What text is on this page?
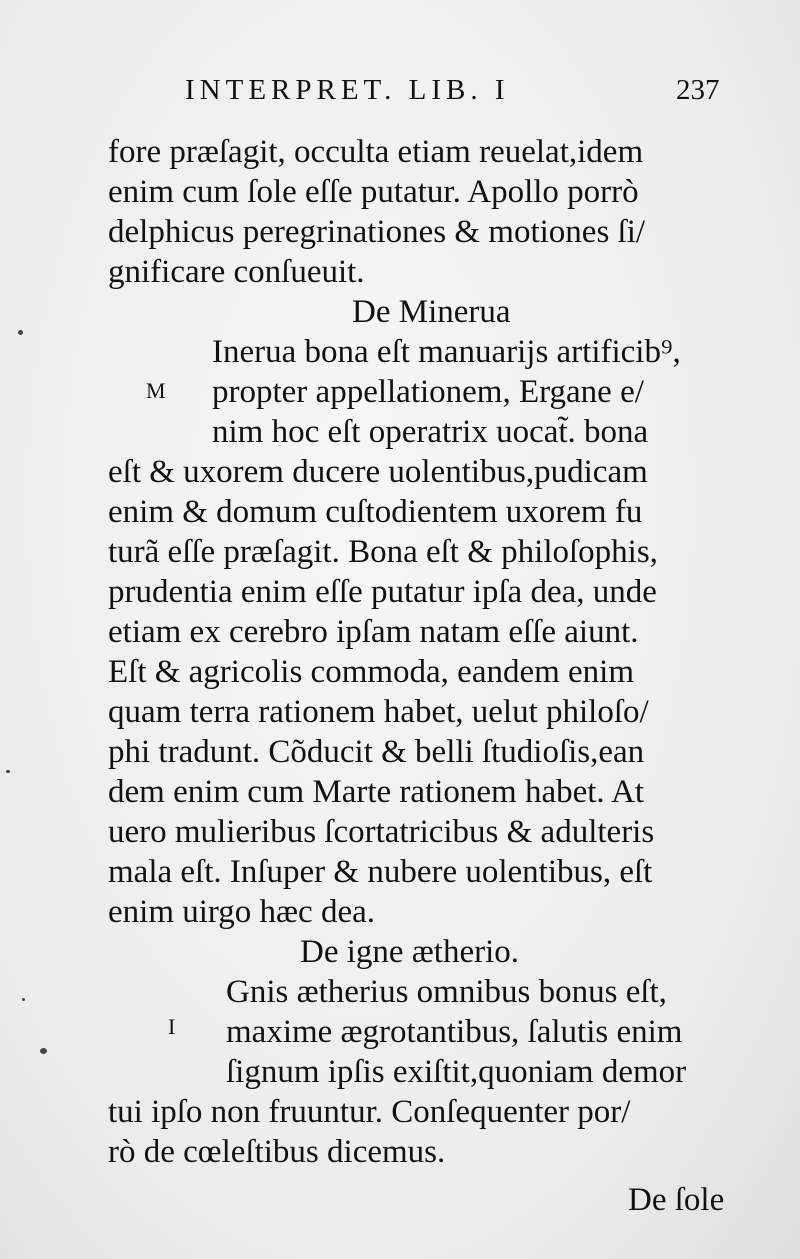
INTERPRET. LIB. I	237
fore præſagit, occulta etiam reuelat,idem
enim cum ſole eſſe putatur. Apollo porrò
delphicus peregrinationes & motiones ſi/
gnificare conſueuit.
De Minerua
M
Inerua bona eſt manuarijs artificib⁹,
propter appellationem, Ergane e/
nim hoc eſt operatrix uocat̃. bona
eſt & uxorem ducere uolentibus,pudicam
enim & domum cuſtodientem uxorem fu
turã eſſe præſagit. Bona eſt & philoſophis,
prudentia enim eſſe putatur ipſa dea, unde
etiam ex cerebro ipſam natam eſſe aiunt.
Eſt & agricolis commoda, eandem enim
quam terra rationem habet, uelut philoſo/
phi tradunt. Cõducit & belli ſtudioſis,ean
dem enim cum Marte rationem habet. At
uero mulieribus ſcortatricibus & adulteris
mala eſt. Inſuper & nubere uolentibus, eſt
enim uirgo hæc dea.
De igne ætherio.
I
Gnis ætherius omnibus bonus eſt,
maxime ægrotantibus, ſalutis enim
ſignum ipſis exiſtit,quoniam demor
tui ipſo non fruuntur. Conſequenter por/
rò de cœleſtibus dicemus.
De ſole
